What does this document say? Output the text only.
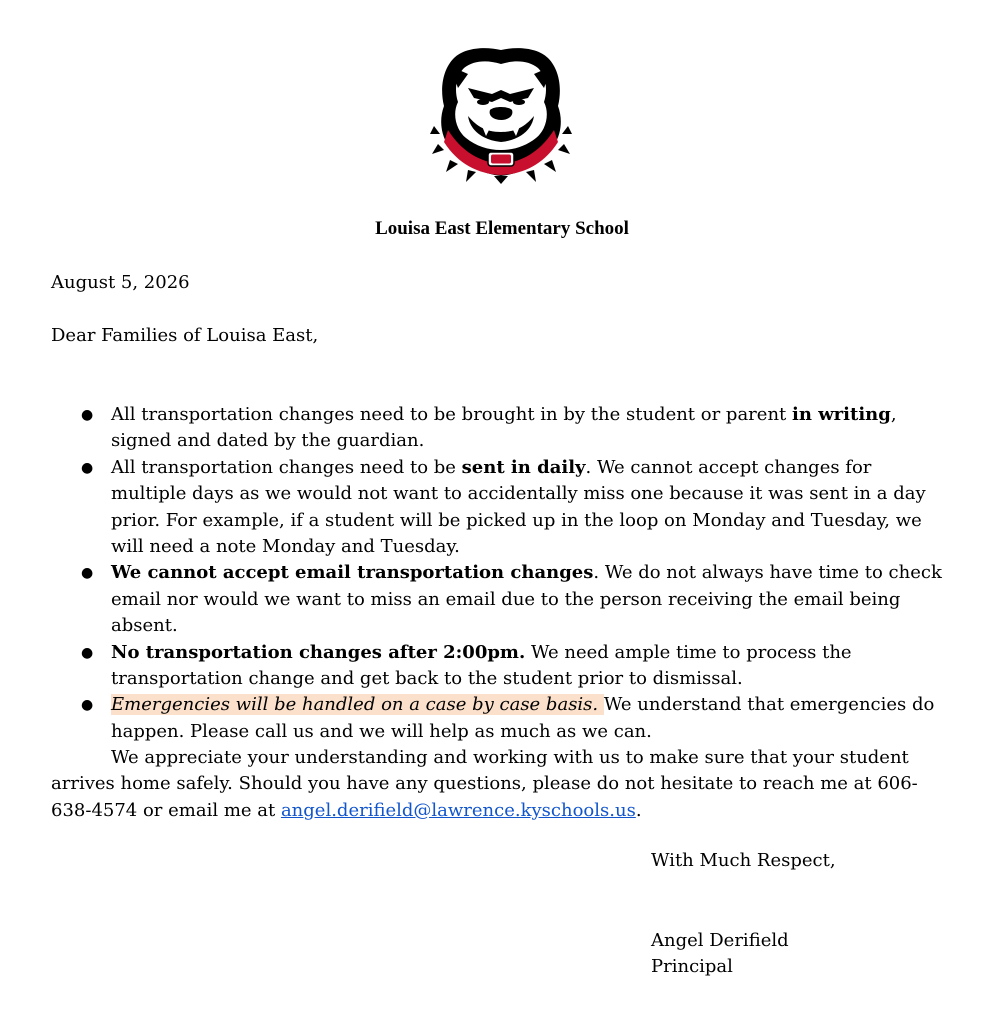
Louisa East Elementary School
August 5, 2026
Dear Families of Louisa East,
● All transportation changes need to be brought in by the student or parent in writing, signed and dated by the guardian.
● All transportation changes need to be sent in daily. We cannot accept changes for multiple days as we would not want to accidentally miss one because it was sent in a day prior. For example, if a student will be picked up in the loop on Monday and Tuesday, we will need a note Monday and Tuesday.
● We cannot accept email transportation changes. We do not always have time to check email nor would we want to miss an email due to the person receiving the email being absent.
● No transportation changes after 2:00pm. We need ample time to process the transportation change and get back to the student prior to dismissal.
● Emergencies will be handled on a case by case basis. We understand that emergencies do happen. Please call us and we will help as much as we can.

We appreciate your understanding and working with us to make sure that your student arrives home safely. Should you have any questions, please do not hesitate to reach me at 606-638-4574 or email me at angel.derifield@lawrence.kyschools.us.

With Much Respect,
Angel Derifield
Principal
